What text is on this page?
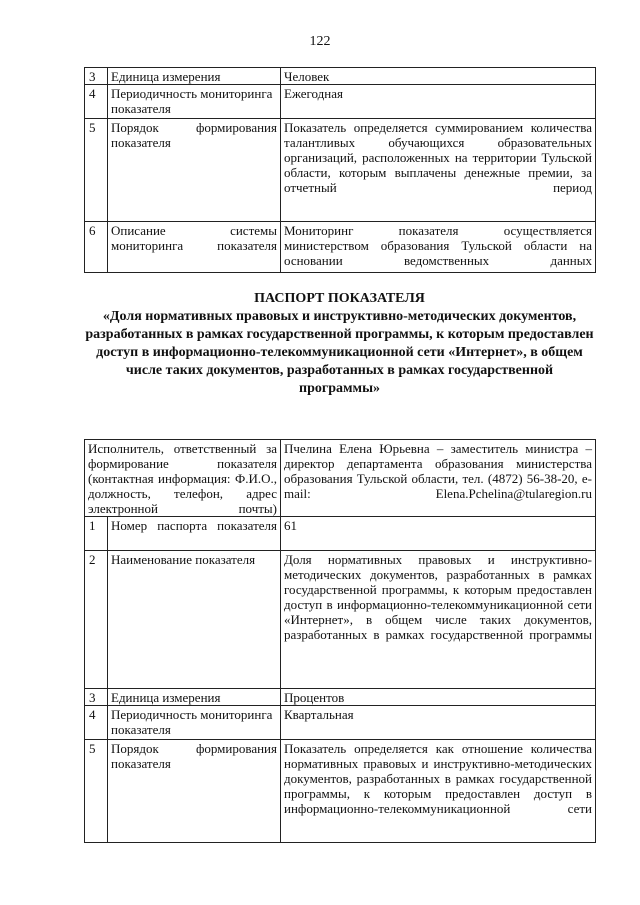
122
3	Единица измерения	Человек
4	Периодичность мониторинга показателя	Ежегодная
5	Порядок формирования показателя	Показатель определяется суммированием количества талантливых обучающихся образовательных организаций, расположенных на территории Тульской области, которым выплачены денежные премии, за отчетный период
6	Описание системы мониторинга показателя	Мониторинг показателя осуществляется министерством образования Тульской области на основании ведомственных данных
ПАСПОРТ ПОКАЗАТЕЛЯ
«Доля нормативных правовых и инструктивно-методических документов, разработанных в рамках государственной программы, к которым предоставлен доступ в информационно-телекоммуникационной сети «Интернет», в общем числе таких документов, разработанных в рамках государственной программы»
Исполнитель, ответственный за формирование показателя (контактная информация: Ф.И.О., должность, телефон, адрес электронной почты)		Пчелина Елена Юрьевна – заместитель министра – директор департамента образования министерства образования Тульской области, тел. (4872) 56-38-20, e-mail: Elena.Pchelina@tularegion.ru
1	Номер паспорта показателя	61
2	Наименование показателя	Доля нормативных правовых и инструктивно-методических документов, разработанных в рамках государственной программы, к которым предоставлен доступ в информационно-телекоммуникационной сети «Интернет», в общем числе таких документов, разработанных в рамках государственной программы
3	Единица измерения	Процентов
4	Периодичность мониторинга показателя	Квартальная
5	Порядок формирования показателя	Показатель определяется как отношение количества нормативных правовых и инструктивно-методических документов, разработанных в рамках государственной программы, к которым предоставлен доступ в информационно-телекоммуникационной сети
